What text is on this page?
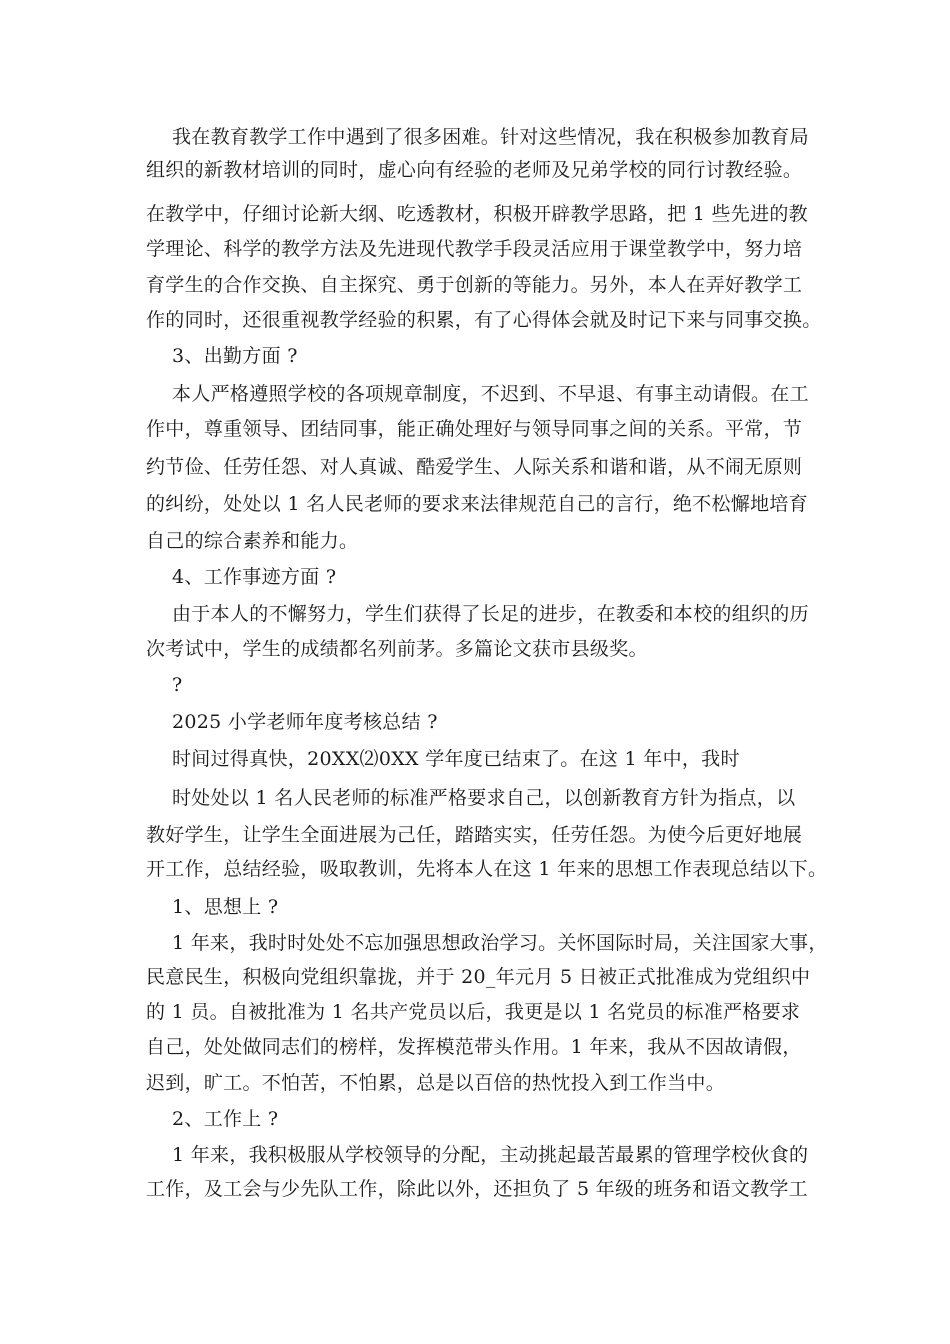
我在教育教学工作中遇到了很多困难。针对这些情况，我在积极参加教育局
组织的新教材培训的同时，虚心向有经验的老师及兄弟学校的同行讨教经验。
在教学中，仔细讨论新大纲、吃透教材，积极开辟教学思路，把 1 些先进的教
学理论、科学的教学方法及先进现代教学手段灵活应用于课堂教学中，努力培
育学生的合作交换、自主探究、勇于创新的等能力。另外，本人在弄好教学工
作的同时，还很重视教学经验的积累，有了心得体会就及时记下来与同事交换。
3、出勤方面 ?
本人严格遵照学校的各项规章制度，不迟到、不早退、有事主动请假。在工
作中，尊重领导、团结同事，能正确处理好与领导同事之间的关系。平常，节
约节俭、任劳任怨、对人真诚、酷爱学生、人际关系和谐和谐，从不闹无原则
的纠纷，处处以 1 名人民老师的要求来法律规范自己的言行，绝不松懈地培育
自己的综合素养和能力。
4、工作事迹方面 ?
由于本人的不懈努力，学生们获得了长足的进步，在教委和本校的组织的历
次考试中，学生的成绩都名列前茅。多篇论文获市县级奖。
?
2025 小学老师年度考核总结 ?
时间过得真快，20XX⑵0XX 学年度已结束了。在这 1 年中，我时
时处处以 1 名人民老师的标准严格要求自己，以创新教育方针为指点，以
教好学生，让学生全面进展为己任，踏踏实实，任劳任怨。为使今后更好地展
开工作，总结经验，吸取教训，先将本人在这 1 年来的思想工作表现总结以下。
1、思想上 ?
1 年来，我时时处处不忘加强思想政治学习。关怀国际时局，关注国家大事，
民意民生，积极向党组织靠拢，并于 20_年元月 5 日被正式批准成为党组织中
的 1 员。自被批准为 1 名共产党员以后，我更是以 1 名党员的标准严格要求
自己，处处做同志们的榜样，发挥模范带头作用。1 年来，我从不因故请假，
迟到，旷工。不怕苦，不怕累，总是以百倍的热忱投入到工作当中。
2、工作上 ?
1 年来，我积极服从学校领导的分配，主动挑起最苦最累的管理学校伙食的
工作，及工会与少先队工作，除此以外，还担负了 5 年级的班务和语文教学工
